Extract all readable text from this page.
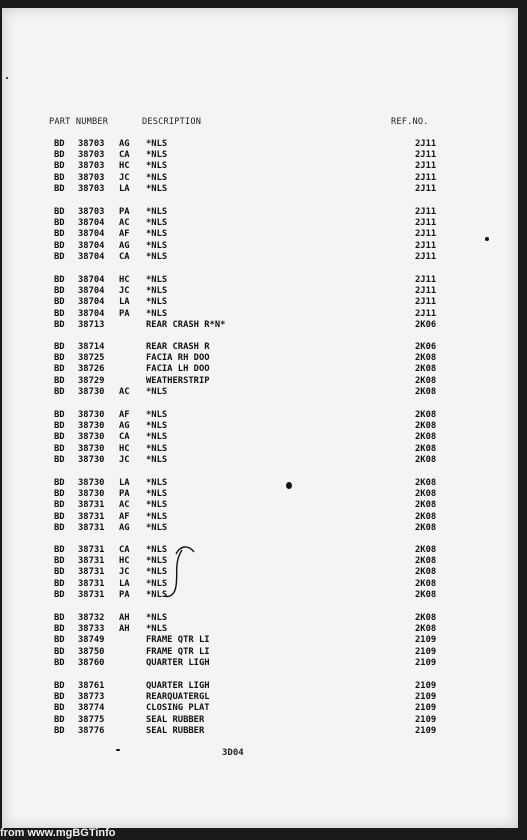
PART NUMBER	DESCRIPTION	REF.NO.
BD 38703 AG *NLS	2J11
BD 38703 CA *NLS	2J11
BD 38703 HC *NLS	2J11
BD 38703 JC *NLS	2J11
BD 38703 LA *NLS	2J11
BD 38703 PA *NLS	2J11
BD 38704 AC *NLS	2J11
BD 38704 AF *NLS	2J11
BD 38704 AG *NLS	2J11
BD 38704 CA *NLS	2J11
BD 38704 HC *NLS	2J11
BD 38704 JC *NLS	2J11
BD 38704 LA *NLS	2J11
BD 38704 PA *NLS	2J11
BD 38713	REAR CRASH R*N*	2K06
BD 38714	REAR CRASH R	2K06
BD 38725	FACIA RH DOO	2K08
BD 38726	FACIA LH DOO	2K08
BD 38729	WEATHERSTRIP	2K08
BD 38730 AC *NLS	2K08
BD 38730 AF *NLS	2K08
BD 38730 AG *NLS	2K08
BD 38730 CA *NLS	2K08
BD 38730 HC *NLS	2K08
BD 38730 JC *NLS	2K08
BD 38730 LA *NLS	2K08
BD 38730 PA *NLS	2K08
BD 38731 AC *NLS	2K08
BD 38731 AF *NLS	2K08
BD 38731 AG *NLS	2K08
BD 38731 CA *NLS	2K08
BD 38731 HC *NLS	2K08
BD 38731 JC *NLS	2K08
BD 38731 LA *NLS	2K08
BD 38731 PA *NLS	2K08
BD 38732 AH *NLS	2K08
BD 38733 AH *NLS	2K08
BD 38749	FRAME QTR LI	2109
BD 38750	FRAME QTR LI	2109
BD 38760	QUARTER LIGH	2109
BD 38761	QUARTER LIGH	2109
BD 38773	REARQUATERGL	2109
BD 38774	CLOSING PLAT	2109
BD 38775	SEAL RUBBER	2109
BD 38776	SEAL RUBBER	2109
3D04
from www.mgBGTinfo
